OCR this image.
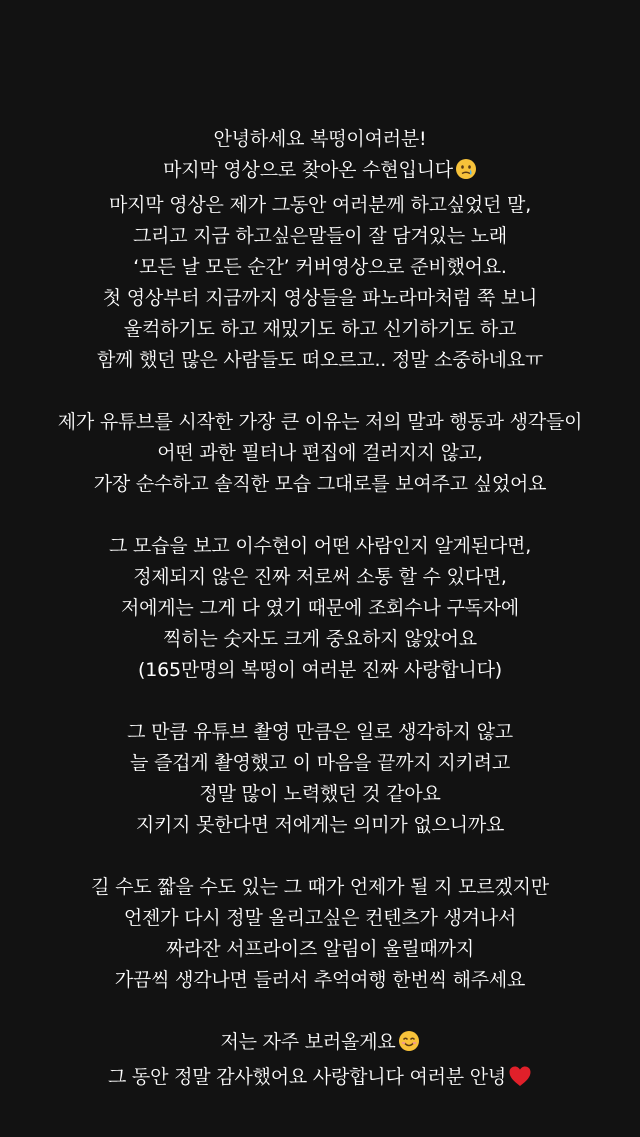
안녕하세요 복떵이여러분!
마지막 영상으로 찾아온 수현입니다
마지막 영상은 제가 그동안 여러분께 하고싶었던 말,
그리고 지금 하고싶은말들이 잘 담겨있는 노래
‘모든 날 모든 순간’ 커버영상으로 준비했어요.
첫 영상부터 지금까지 영상들을 파노라마처럼 쭉 보니
울컥하기도 하고 재밌기도 하고 신기하기도 하고
함께 했던 많은 사람들도 떠오르고.. 정말 소중하네요ㅠ

제가 유튜브를 시작한 가장 큰 이유는 저의 말과 행동과 생각들이
어떤 과한 필터나 편집에 걸러지지 않고,
가장 순수하고 솔직한 모습 그대로를 보여주고 싶었어요

그 모습을 보고 이수현이 어떤 사람인지 알게된다면,
정제되지 않은 진짜 저로써 소통 할 수 있다면,
저에게는 그게 다 였기 때문에 조회수나 구독자에
찍히는 숫자도 크게 중요하지 않았어요
(165만명의 복떵이 여러분 진짜 사랑합니다)

그 만큼 유튜브 촬영 만큼은 일로 생각하지 않고
늘 즐겁게 촬영했고 이 마음을 끝까지 지키려고
정말 많이 노력했던 것 같아요
지키지 못한다면 저에게는 의미가 없으니까요

길 수도 짧을 수도 있는 그 때가 언제가 될 지 모르겠지만
언젠가 다시 정말 올리고싶은 컨텐츠가 생겨나서
짜라잔 서프라이즈 알림이 울릴때까지
가끔씩 생각나면 들러서 추억여행 한번씩 해주세요

저는 자주 보러올게요
그 동안 정말 감사했어요 사랑합니다 여러분 안녕
